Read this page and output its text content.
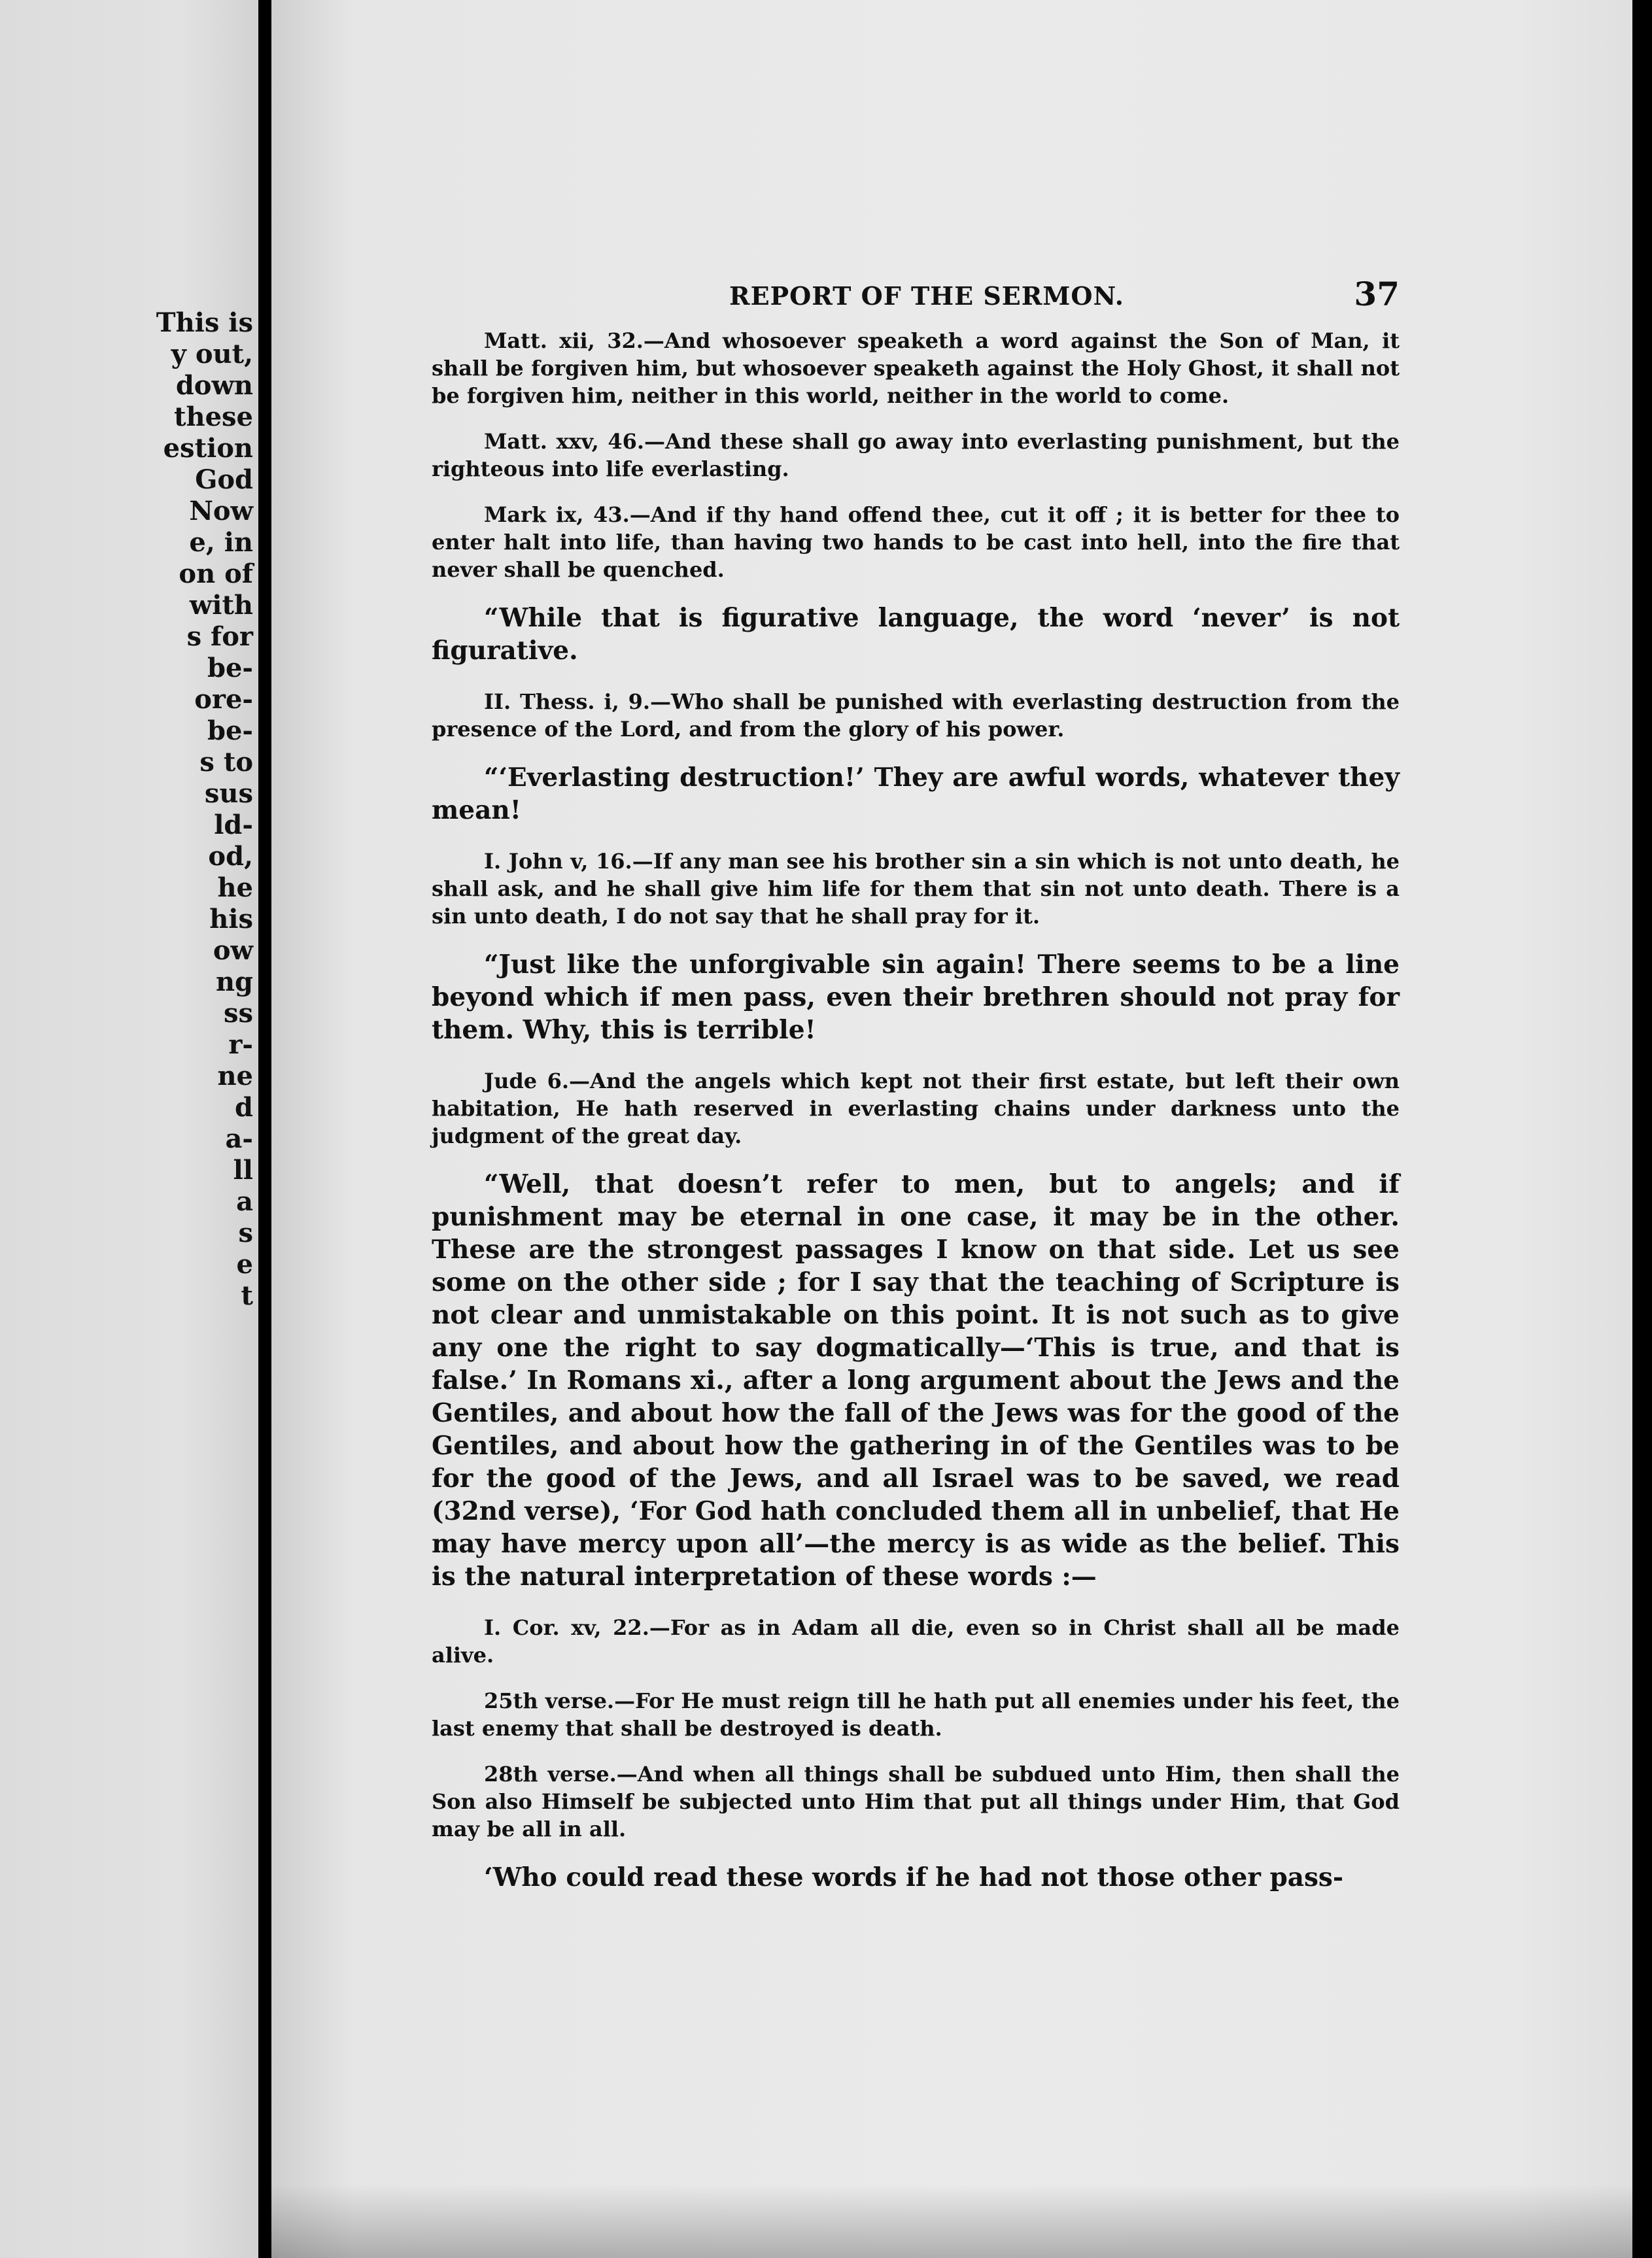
This is
y out,
down
these
estion
God
Now
e, in
on of
with
s for
be-
ore-
be-
s to
sus
ld-
od,
he
his
ow
ng
ss
r-
ne
d
a-
ll
a
s
e
t
REPORT OF THE SERMON.	37

Matt. xii, 32.—And whosoever speaketh a word against the Son of Man, it shall be forgiven him, but whosoever speaketh against the Holy Ghost, it shall not be forgiven him, neither in this world, neither in the world to come.

Matt. xxv, 46.—And these shall go away into everlasting punishment, but the righteous into life everlasting.

Mark ix, 43.—And if thy hand offend thee, cut it off ; it is better for thee to enter halt into life, than having two hands to be cast into hell, into the fire that never shall be quenched.

“While that is figurative language, the word ‘never’ is not figurative.

II. Thess. i, 9.—Who shall be punished with everlasting destruction from the presence of the Lord, and from the glory of his power.

“‘Everlasting destruction!’ They are awful words, whatever they mean!

I. John v, 16.—If any man see his brother sin a sin which is not unto death, he shall ask, and he shall give him life for them that sin not unto death. There is a sin unto death, I do not say that he shall pray for it.

“Just like the unforgivable sin again! There seems to be a line beyond which if men pass, even their brethren should not pray for them. Why, this is terrible!

Jude 6.—And the angels which kept not their first estate, but left their own habitation, He hath reserved in everlasting chains under darkness unto the judgment of the great day.

“Well, that doesn’t refer to men, but to angels; and if punishment may be eternal in one case, it may be in the other. These are the strongest passages I know on that side. Let us see some on the other side ; for I say that the teaching of Scripture is not clear and unmistakable on this point. It is not such as to give any one the right to say dogmatically—‘This is true, and that is false.’ In Romans xi., after a long argument about the Jews and the Gentiles, and about how the fall of the Jews was for the good of the Gentiles, and about how the gathering in of the Gentiles was to be for the good of the Jews, and all Israel was to be saved, we read (32nd verse), ‘For God hath concluded them all in unbelief, that He may have mercy upon all’—the mercy is as wide as the belief. This is the natural interpretation of these words :—

I. Cor. xv, 22.—For as in Adam all die, even so in Christ shall all be made alive.

25th verse.—For He must reign till he hath put all enemies under his feet, the last enemy that shall be destroyed is death.

28th verse.—And when all things shall be subdued unto Him, then shall the Son also Himself be subjected unto Him that put all things under Him, that God may be all in all.

‘Who could read these words if he had not those other pass-
